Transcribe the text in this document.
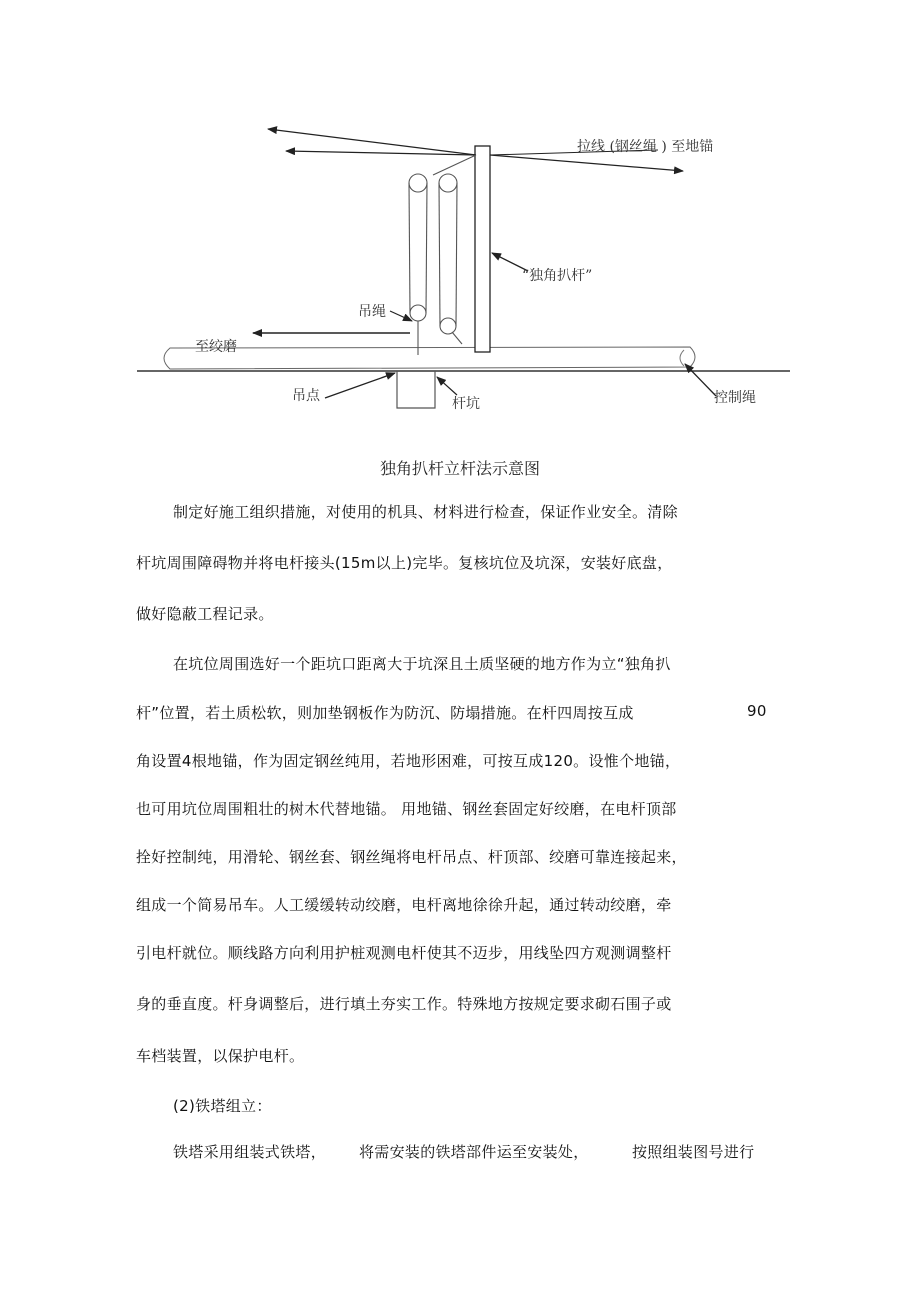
拉线 (钢丝绳 ) 至地锚
“独角扒杆”
吊绳
至绞磨
吊点	杆坑	控制绳
独角扒杆立杆法示意图
制定好施工组织措施，对使用的机具、材料进行检查，保证作业安全。清除
杆坑周围障碍物并将电杆接头(15m以上)完毕。复核坑位及坑深，安装好底盘，
做好隐蔽工程记录。
在坑位周围选好一个距坑口距离大于坑深且土质坚硬的地方作为立“独角扒
杆”位置，若土质松软，则加垫钢板作为防沉、防塌措施。在杆四周按互成	90
角设置4根地锚，作为固定钢丝纯用，若地形困难，可按互成120。设惟个地锚，
也可用坑位周围粗壮的树木代替地锚。 用地锚、钢丝套固定好绞磨，在电杆顶部
拴好控制纯，用滑轮、钢丝套、钢丝绳将电杆吊点、杆顶部、绞磨可靠连接起来，
组成一个简易吊车。人工缓缓转动绞磨，电杆离地徐徐升起，通过转动绞磨，牵
引电杆就位。顺线路方向利用护桩观测电杆使其不迈步，用线坠四方观测调整杆
身的垂直度。杆身调整后，进行填土夯实工作。特殊地方按规定要求砌石围子或
车档装置，以保护电杆。
(2)铁塔组立：
铁塔采用组装式铁塔， 将需安装的铁塔部件运至安装处，	按照组装图号进行
